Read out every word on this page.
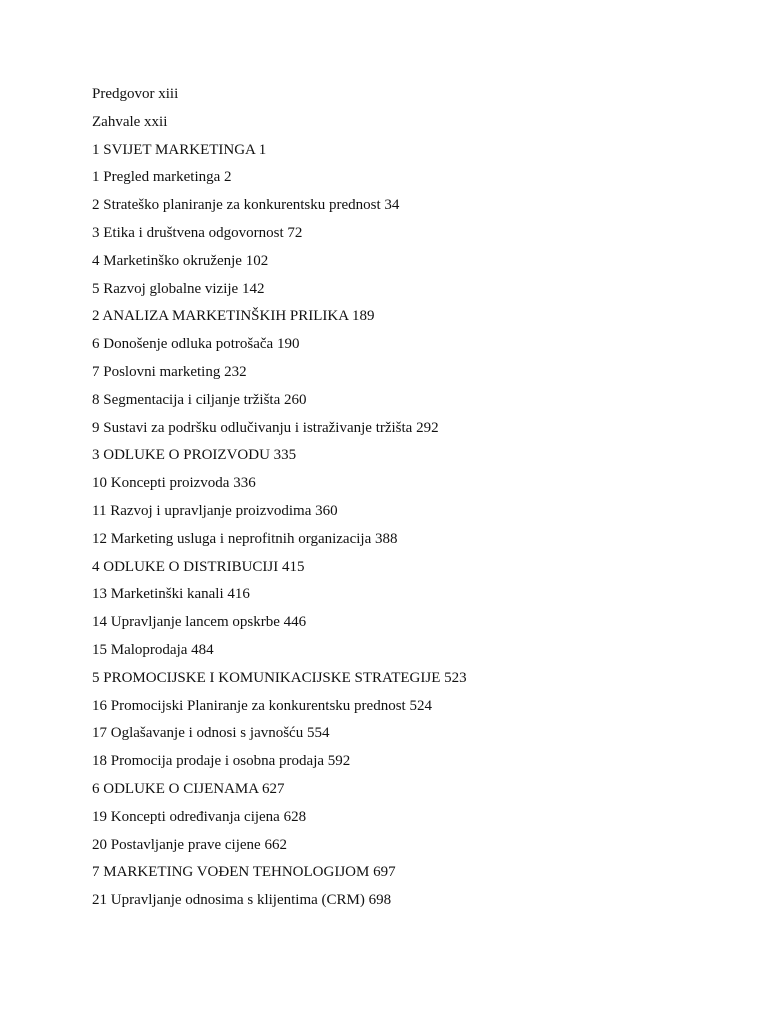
Predgovor xiii
Zahvale xxii
1 SVIJET MARKETINGA 1
1 Pregled marketinga 2
2 Strateško planiranje za konkurentsku prednost 34
3 Etika i društvena odgovornost 72
4 Marketinško okruženje 102
5 Razvoj globalne vizije 142
2 ANALIZA MARKETINŠKIH PRILIKA 189
6 Donošenje odluka potrošača 190
7 Poslovni marketing 232
8 Segmentacija i ciljanje tržišta 260
9 Sustavi za podršku odlučivanju i istraživanje tržišta 292
3 ODLUKE O PROIZVODU 335
10 Koncepti proizvoda 336
11 Razvoj i upravljanje proizvodima 360
12 Marketing usluga i neprofitnih organizacija 388
4 ODLUKE O DISTRIBUCIJI 415
13 Marketinški kanali 416
14 Upravljanje lancem opskrbe 446
15 Maloprodaja 484
5 PROMOCIJSKE I KOMUNIKACIJSKE STRATEGIJE 523
16 Promocijski Planiranje za konkurentsku prednost 524
17 Oglašavanje i odnosi s javnošću 554
18 Promocija prodaje i osobna prodaja 592
6 ODLUKE O CIJENAMA 627
19 Koncepti određivanja cijena 628
20 Postavljanje prave cijene 662
7 MARKETING VOĐEN TEHNOLOGIJOM 697
21 Upravljanje odnosima s klijentima (CRM) 698
